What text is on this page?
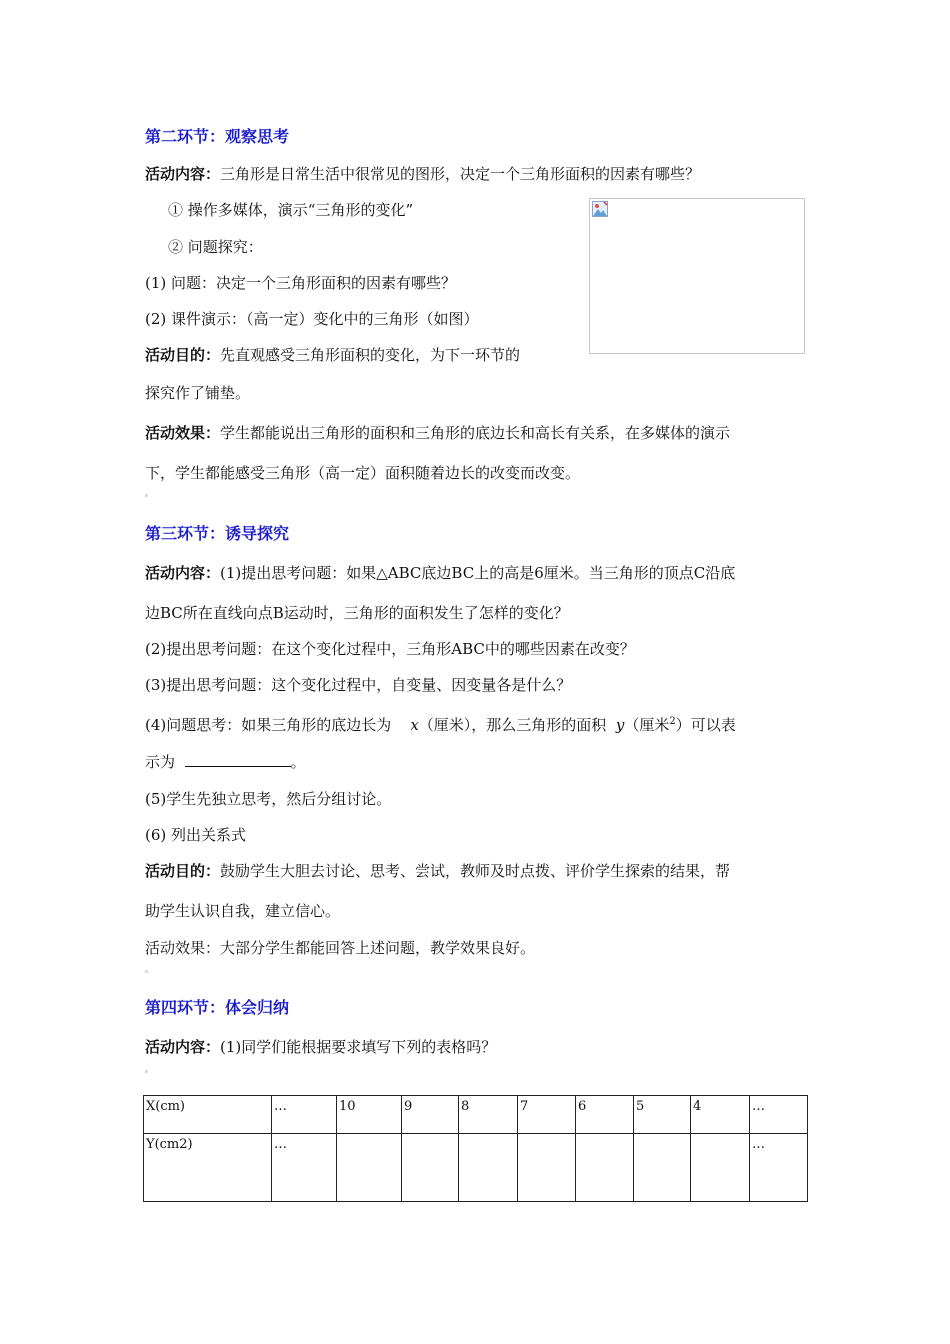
第二环节：观察思考
活动内容：三角形是日常生活中很常见的图形，决定一个三角形面积的因素有哪些？
① 操作多媒体，演示“三角形的变化”
② 问题探究：
(1) 问题：决定一个三角形面积的因素有哪些？
(2) 课件演示：（高一定）变化中的三角形（如图）
活动目的：先直观感受三角形面积的变化，为下一环节的
探究作了铺垫。
活动效果：学生都能说出三角形的面积和三角形的底边长和高长有关系，在多媒体的演示
下，学生都能感受三角形（高一定）面积随着边长的改变而改变。
第三环节：诱导探究
活动内容：(1)提出思考问题：如果△ABC底边BC上的高是6厘米。当三角形的顶点C沿底
边BC所在直线向点B运动时，三角形的面积发生了怎样的变化？
(2)提出思考问题：在这个变化过程中，三角形ABC中的哪些因素在改变？
(3)提出思考问题：这个变化过程中，自变量、因变量各是什么？
(4)问题思考：如果三角形的底边长为 x（厘米），那么三角形的面积 y（厘米$^2$）可以表
示为	。
(5)学生先独立思考，然后分组讨论。
(6) 列出关系式
活动目的：鼓励学生大胆去讨论、思考、尝试，教师及时点拨、评价学生探索的结果，帮
助学生认识自我，建立信心。
活动效果：大部分学生都能回答上述问题，教学效果良好。
第四环节：体会归纳
活动内容：(1)同学们能根据要求填写下列的表格吗？
X(cm)	…	10	9	8	7	6	5	4	…
Y(cm2)	…								…
